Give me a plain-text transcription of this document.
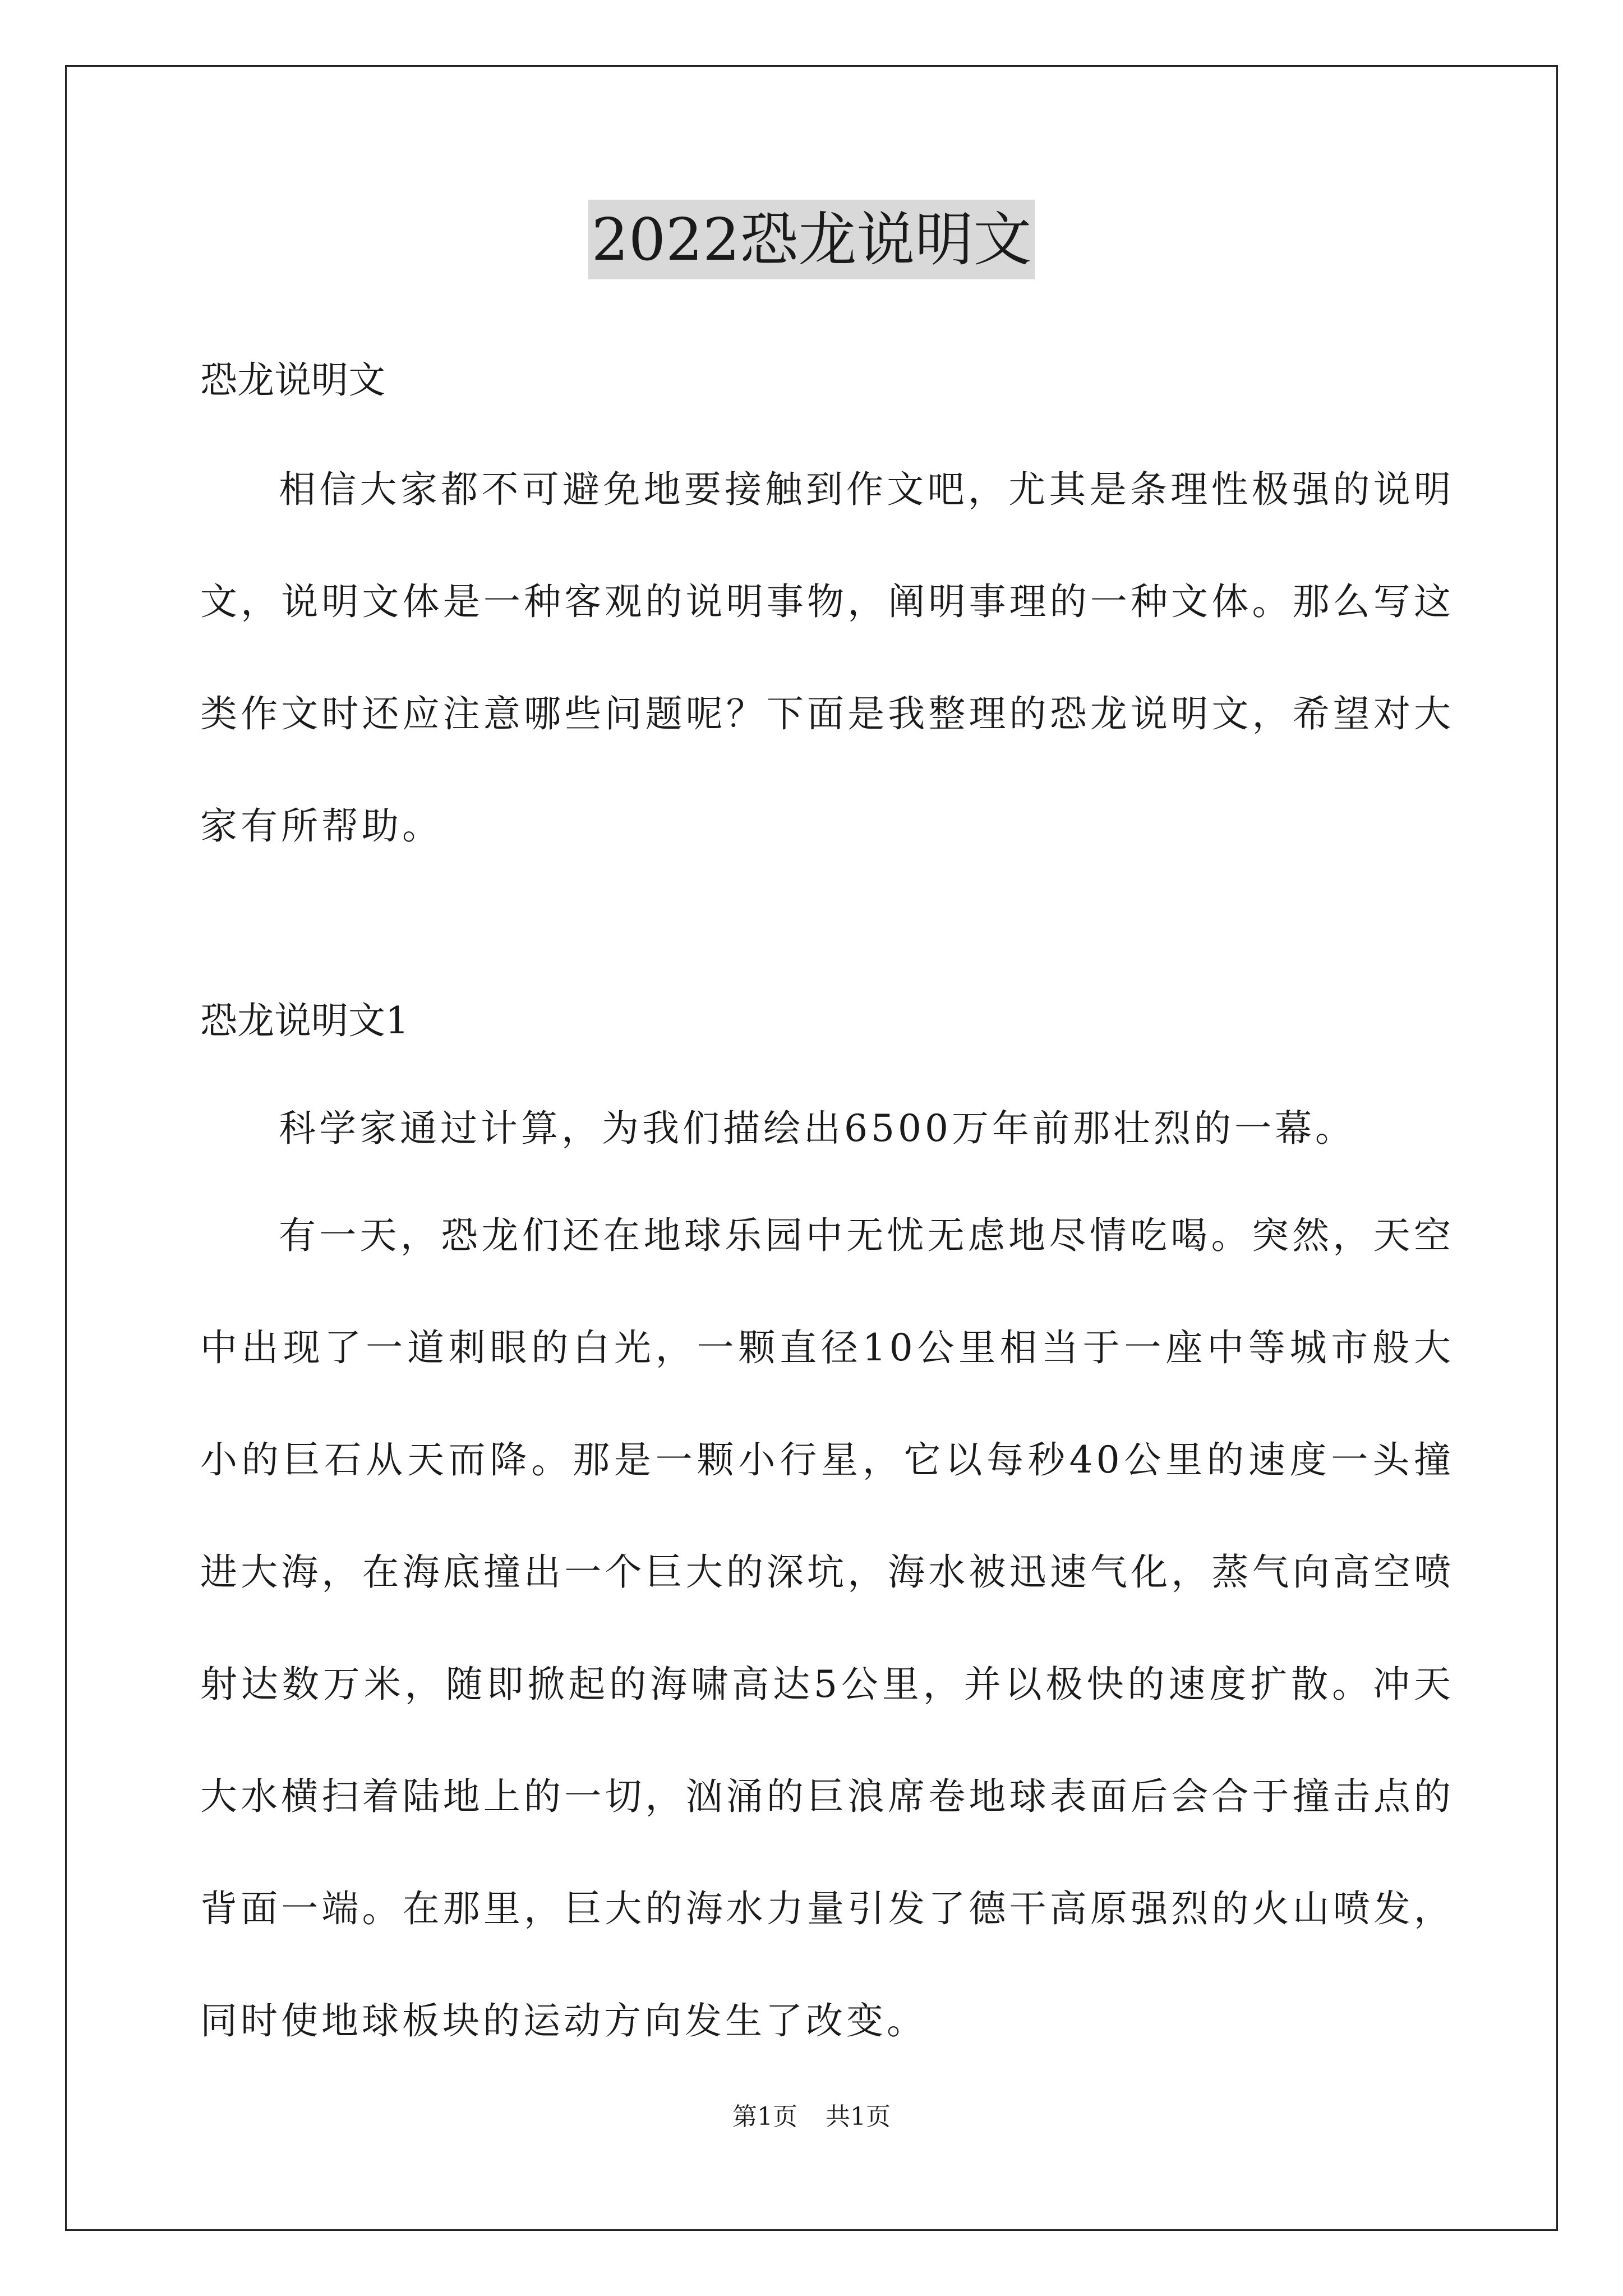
2022恐龙说明文

恐龙说明文

相信大家都不可避免地要接触到作文吧，尤其是条理性极强的说明文，说明文体是一种客观的说明事物，阐明事理的一种文体。那么写这类作文时还应注意哪些问题呢？下面是我整理的恐龙说明文，希望对大家有所帮助。

恐龙说明文1

科学家通过计算，为我们描绘出6500万年前那壮烈的一幕。

有一天，恐龙们还在地球乐园中无忧无虑地尽情吃喝。突然，天空中出现了一道刺眼的白光，一颗直径10公里相当于一座中等城市般大小的巨石从天而降。那是一颗小行星，它以每秒40公里的速度一头撞进大海，在海底撞出一个巨大的深坑，海水被迅速气化，蒸气向高空喷射达数万米，随即掀起的海啸高达5公里，并以极快的速度扩散。冲天大水横扫着陆地上的一切，汹涌的巨浪席卷地球表面后会合于撞击点的背面一端。在那里，巨大的海水力量引发了德干高原强烈的火山喷发，同时使地球板块的运动方向发生了改变。

第1页 共1页
